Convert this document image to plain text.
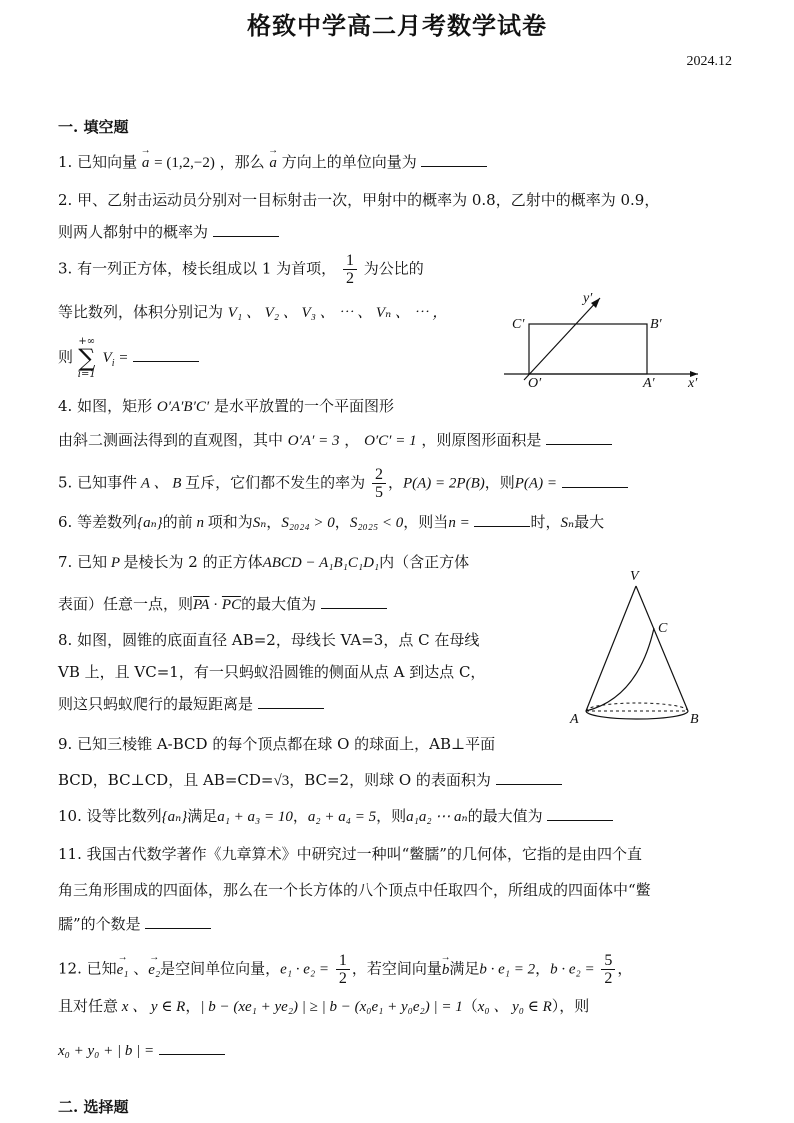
格致中学高二月考数学试卷
2024.12
一. 填空题
1. 已知向量 → a = (1,2,−2) ，那么 → a 方向上的单位向量为
2. 甲、乙射击运动员分别对一目标射击一次，甲射中的概率为 0.8，乙射中的概率为 0.9，
则两人都射中的概率为
3. 有一列正方体，棱长组成以 1 为首项， $\frac{1}{2}$ 为公比的
等比数列，体积分别记为 V₁ 、 V₂ 、 V₃ 、 ⋯ 、 Vₙ 、 ⋯ ，
则
+∞
∑
i=1
$V_i$ =
C′	B′
O′	A′
y′
x′
4. 如图，矩形 O′A′B′C′ 是水平放置的一个平面图形
由斜二测画法得到的直观图，其中 O′A′ = 3 ， O′C′ = 1 ，则原图形面积是
5. 已知事件 A 、 B 互斥，它们都不发生的率为 $\frac{2}{5}$ ，P(A) = 2P(B)，则P(A) =
6. 等差数列{aₙ}的前 n 项和为Sₙ，S₂₀₂₄ > 0，S₂₀₂₅ < 0，则当n =	时，Sₙ最大
7. 已知 P 是棱长为 2 的正方体ABCD − A₁B₁C₁D₁内（含正方体
表面）任意一点，则$\overline{PA} \cdot \overline{PC}$的最大值为
V
C
A	B
8. 如图，圆锥的底面直径 AB=2，母线长 VA=3，点 C 在母线
VB 上，且 VC=1，有一只蚂蚁沿圆锥的侧面从点 A 到达点 C，
则这只蚂蚁爬行的最短距离是
9. 已知三棱锥 A-BCD 的每个顶点都在球 O 的球面上，AB⊥平面
BCD，BC⊥CD，且 AB=CD=√3，BC=2，则球 O 的表面积为
10. 设等比数列{aₙ}满足a₁ + a₃ = 10，a₂ + a₄ = 5，则a₁a₂ ⋯ aₙ的最大值为
11. 我国古代数学著作《九章算术》中研究过一种叫“鳖臑”的几何体，它指的是由四个直
角三角形围成的四面体，那么在一个长方体的八个顶点中任取四个，所组成的四面体中“鳖
臑”的个数是
12. 已知→ e₁ 、→ e₂是空间单位向量，$e_1 \cdot e_2 = \frac{1}{2}$ ，若空间向量→ b满足b · e₁ = 2，$b \cdot e_2 = \frac{5}{2}$ ，
且对任意 x 、 y ∈ R，| b − (xe₁ + ye₂) | ≥ | b − (x₀e₁ + y₀e₂) | = 1（x₀ 、 y₀ ∈ R），则
x₀ + y₀ + | b | =
二. 选择题
